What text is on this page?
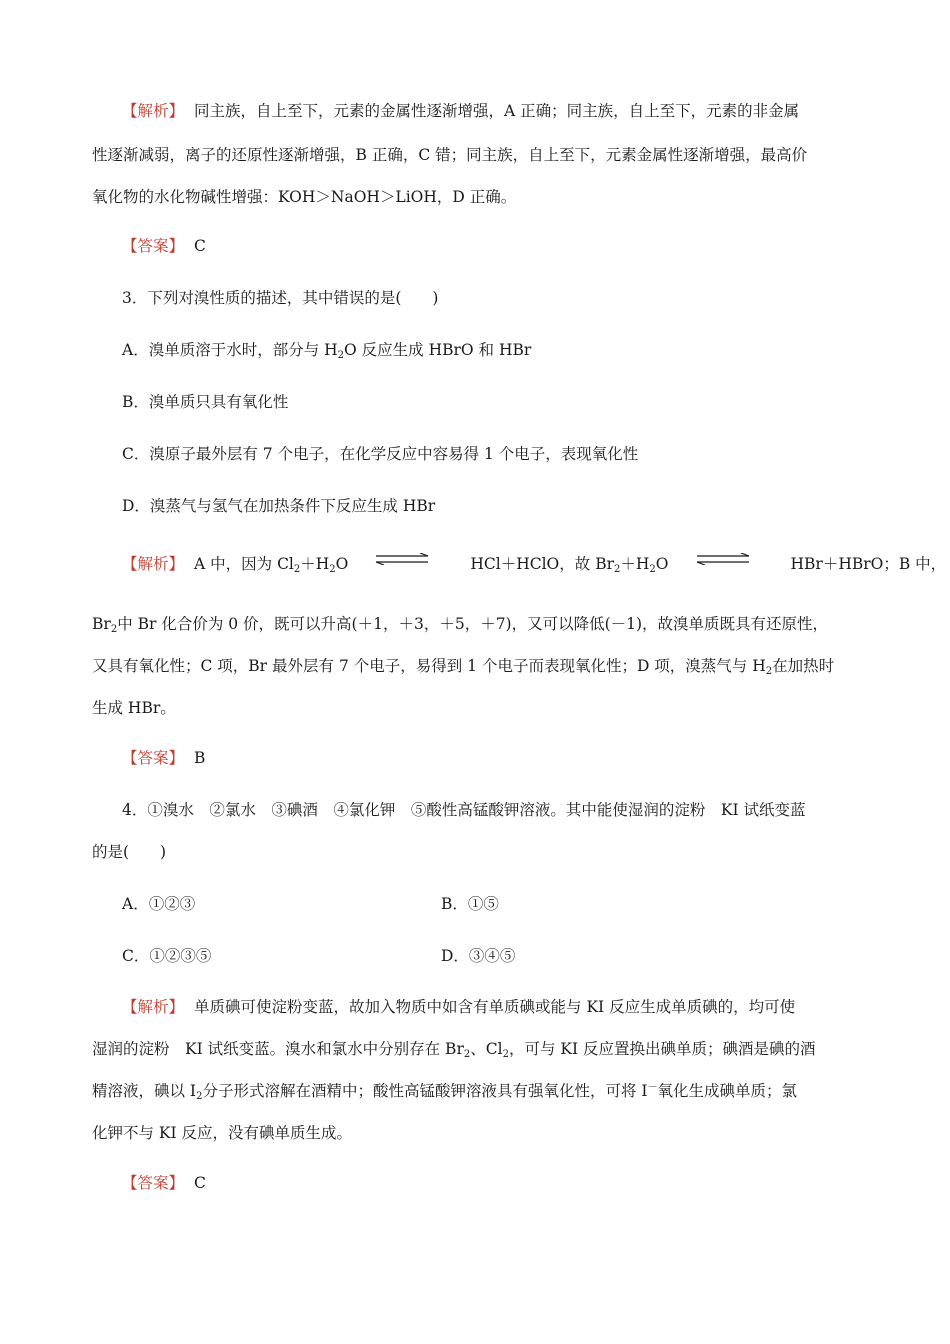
【解析】 同主族，自上至下，元素的金属性逐渐增强，A 正确；同主族，自上至下，元素的非金属
性逐渐减弱，离子的还原性逐渐增强，B 正确，C 错；同主族，自上至下，元素金属性逐渐增强，最高价
氧化物的水化物碱性增强：KOH＞NaOH＞LiOH，D 正确。
【答案】 C
3．下列对溴性质的描述，其中错误的是(　　)
A．溴单质溶于水时，部分与 $H_2O$ 反应生成 HBrO 和 HBr
B．溴单质只具有氧化性
C．溴原子最外层有 7 个电子，在化学反应中容易得 1 个电子，表现氧化性
D．溴蒸气与氢气在加热条件下反应生成 HBr
【解析】 A 中，因为 $Cl_2+H_2O$	HCl＋HClO，故 $Br_2+H_2O$	HBr＋HBrO；B 中，
$Br_2$中 Br 化合价为 0 价，既可以升高(＋1，＋3，＋5，＋7)，又可以降低(－1)，故溴单质既具有还原性，
又具有氧化性；C 项，Br 最外层有 7 个电子，易得到 1 个电子而表现氧化性；D 项，溴蒸气与 $H_2$在加热时
生成 HBr。
【答案】 B
4．①溴水　②氯水　③碘酒　④氯化钾　⑤酸性高锰酸钾溶液。其中能使湿润的淀粉　KI 试纸变蓝
的是(　　)
A．①②③	B．①⑤
C．①②③⑤	D．③④⑤
【解析】 单质碘可使淀粉变蓝，故加入物质中如含有单质碘或能与 KI 反应生成单质碘的，均可使
湿润的淀粉　KI 试纸变蓝。溴水和氯水中分别存在 $Br_2$、$Cl_2$，可与 KI 反应置换出碘单质；碘酒是碘的酒
精溶液，碘以 $I_2$分子形式溶解在酒精中；酸性高锰酸钾溶液具有强氧化性，可将 I－氧化生成碘单质；氯
化钾不与 KI 反应，没有碘单质生成。
【答案】 C
